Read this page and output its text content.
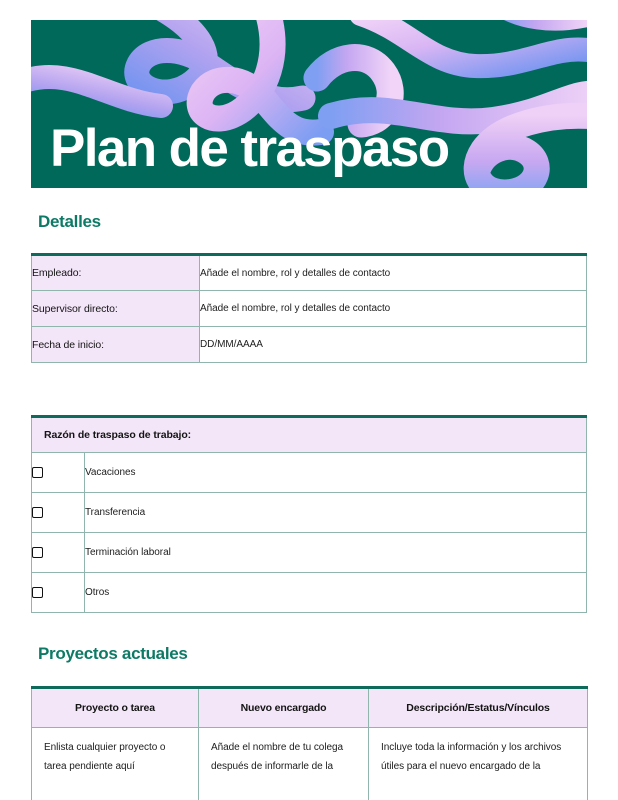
Plan de traspaso
Detalles
Empleado:	Añade el nombre, rol y detalles de contacto
Supervisor directo:	Añade el nombre, rol y detalles de contacto
Fecha de inicio:	DD/MM/AAAA
Razón de traspaso de trabajo:	
	Vacaciones
	Transferencia
	Terminación laboral
	Otros
Proyectos actuales
Proyecto o tarea	Nuevo encargado	Descripción/Estatus/Vínculos
Enlista cualquier proyecto o tarea pendiente aquí	Añade el nombre de tu colega después de informarle de la	Incluye toda la información y los archivos útiles para el nuevo encargado de la
